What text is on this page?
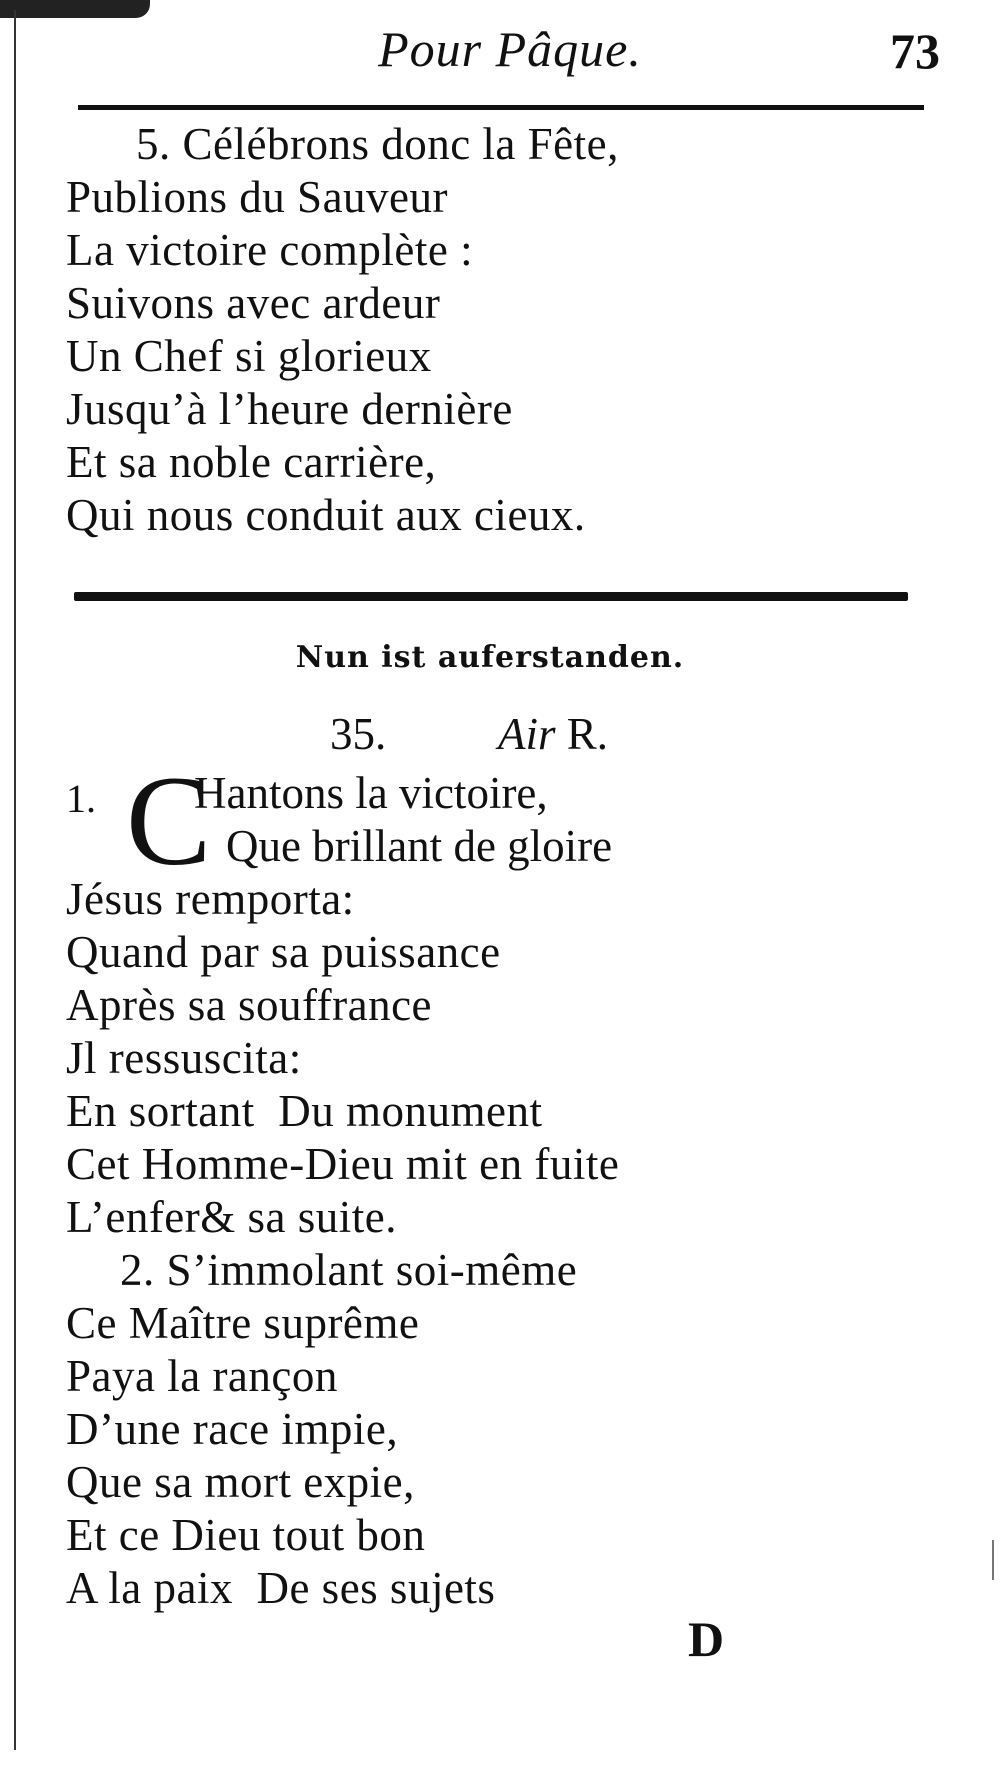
Pour Pâque.	73
5. Célébrons donc la Fête,
Publions du Sauveur
La victoire complète :
Suivons avec ardeur
Un Chef si glorieux
Jusqu’à l’heure dernière
Et sa noble carrière,
Qui nous conduit aux cieux.
Nun ist auferstanden.
35. Air R.
1. C
Hantons la victoire,
Que brillant de gloire
Jésus remporta:
Quand par sa puissance
Après sa souffrance
Jl ressuscita:
En sortant  Du monument
Cet Homme-Dieu mit en fuite
L’enfer& sa suite.
2. S’immolant soi-même
Ce Maître suprême
Paya la rançon
D’une race impie,
Que sa mort expie,
Et ce Dieu tout bon
A la paix  De ses sujets
D
